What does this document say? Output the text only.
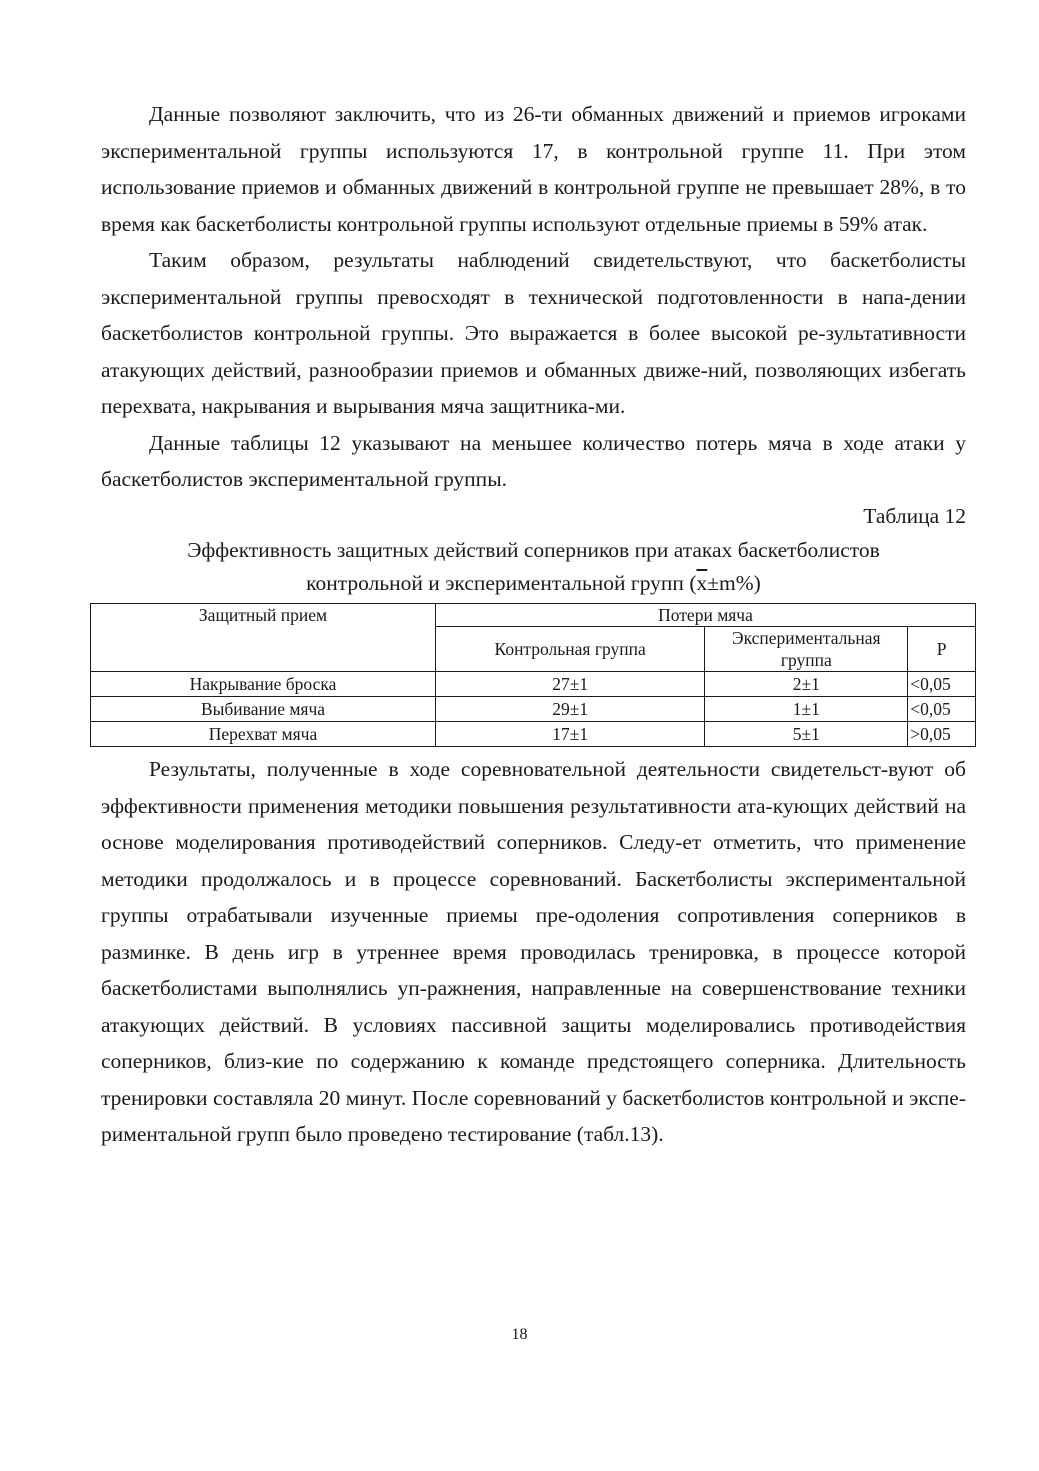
Данные позволяют заключить, что из 26-ти обманных движений и приемов игроками экспериментальной группы используются 17, в контрольной группе 11. При этом использование приемов и обманных движений в контрольной группе не превышает 28%, в то время как баскетболисты контрольной группы используют отдельные приемы в 59% атак.

Таким образом, результаты наблюдений свидетельствуют, что баскетболисты экспериментальной группы превосходят в технической подготовленности в напа-дении баскетболистов контрольной группы. Это выражается в более высокой ре-зультативности атакующих действий, разнообразии приемов и обманных движе-ний, позволяющих избегать перехвата, накрывания и вырывания мяча защитника-ми.

Данные таблицы 12 указывают на меньшее количество потерь мяча в ходе атаки у баскетболистов экспериментальной группы.

Таблица 12

Эффективность защитных действий соперников при атаках баскетболистов

контрольной и экспериментальной групп $(\overline{x}\pm m\%)$

Защитный прием	Потери мяча		
	Контрольная группа	Экспериментальная группа	P
Накрывание броска	27±1	2±1	<0,05
Выбивание мяча	29±1	1±1	<0,05
Перехват мяча	17±1	5±1	>0,05

Результаты, полученные в ходе соревновательной деятельности свидетельст-вуют об эффективности применения методики повышения результативности ата-кующих действий на основе моделирования противодействий соперников. Следу-ет отметить, что применение методики продолжалось и в процессе соревнований. Баскетболисты экспериментальной группы отрабатывали изученные приемы пре-одоления сопротивления соперников в разминке. В день игр в утреннее время проводилась тренировка, в процессе которой баскетболистами выполнялись уп-ражнения, направленные на совершенствование техники атакующих действий. В условиях пассивной защиты моделировались противодействия соперников, близ-кие по содержанию к команде предстоящего соперника. Длительность тренировки составляла 20 минут. После соревнований у баскетболистов контрольной и экспе-риментальной групп было проведено тестирование (табл.13).

18
